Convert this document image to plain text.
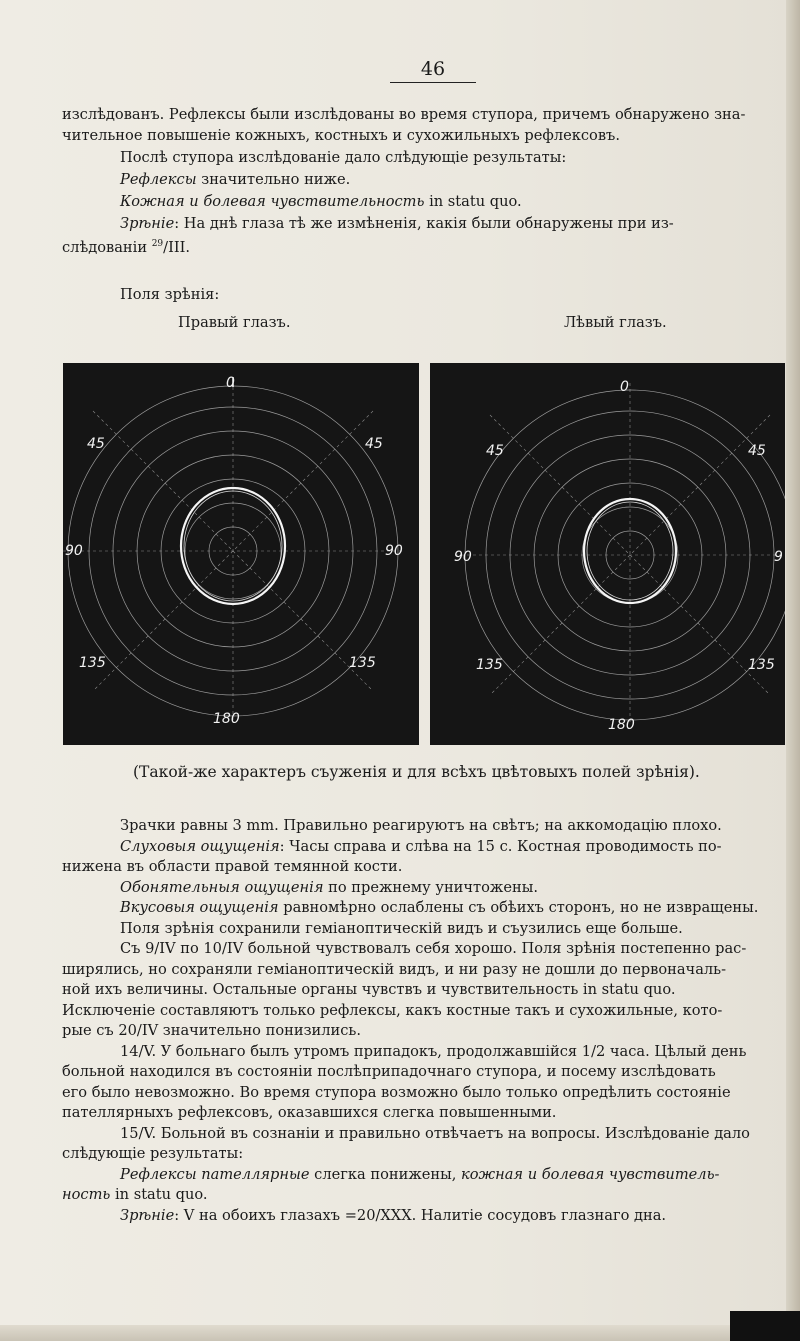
46
изслѣдованъ. Рефлексы были изслѣдованы во время ступора, причемъ обнаружено зна-
чительное повышеніе кожныхъ, костныхъ и сухожильныхъ рефлексовъ.
Послѣ ступора изслѣдованіе дало слѣдующіе результаты:
Рефлексы значительно ниже.
Кожная и болевая чувствительность in statu quo.
Зрѣніе: На днѣ глаза тѣ же измѣненія, какія были обнаружены при из-
слѣдованіи $^{29}$/III.
Поля зрѣнія:
Правый глазъ.	Лѣвый глазъ.
0
45	45
90	90
135	135
180
0
45	45
90	9
135	135
180
(Такой-же характеръ съуженія и для всѣхъ цвѣтовыхъ полей зрѣнія).
Зрачки равны 3 mm. Правильно реагируютъ на свѣтъ; на аккомодацію плохо.
Слуховыя ощущенія: Часы справа и слѣва на 15 с. Костная проводимость по-
нижена въ области правой темянной кости.
Обонятельныя ощущенія по прежнему уничтожены.
Вкусовыя ощущенія равномѣрно ослаблены съ обѣихъ сторонъ, но не извращены.
Поля зрѣнія сохранили геміаноптическій видъ и съузились еще больше.
Съ 9/IV по 10/IV больной чувствовалъ себя хорошо. Поля зрѣнія постепенно рас-
ширялись, но сохраняли геміаноптическій видъ, и ни разу не дошли до первоначаль-
ной ихъ величины. Остальные органы чувствъ и чувствительность in statu quo.
Исключеніе составляютъ только рефлексы, какъ костные такъ и сухожильные, кото-
рые съ 20/IV значительно понизились.
14/V. У больнаго былъ утромъ припадокъ, продолжавшійся 1/2 часа. Цѣлый день
больной находился въ состояніи послѣприпадочнаго ступора, и посему изслѣдовать
его было невозможно. Во время ступора возможно было только опредѣлить состояніе
пателлярныхъ рефлексовъ, оказавшихся слегка повышенными.
15/V. Больной въ сознаніи и правильно отвѣчаетъ на вопросы. Изслѣдованіе дало
слѣдующіе результаты:
Рефлексы пателлярные слегка понижены, кожная и болевая чувствитель-
ность in statu quo.
Зрѣніе: V на обоихъ глазахъ =20/XXX. Налитіе сосудовъ глазнаго дна.
